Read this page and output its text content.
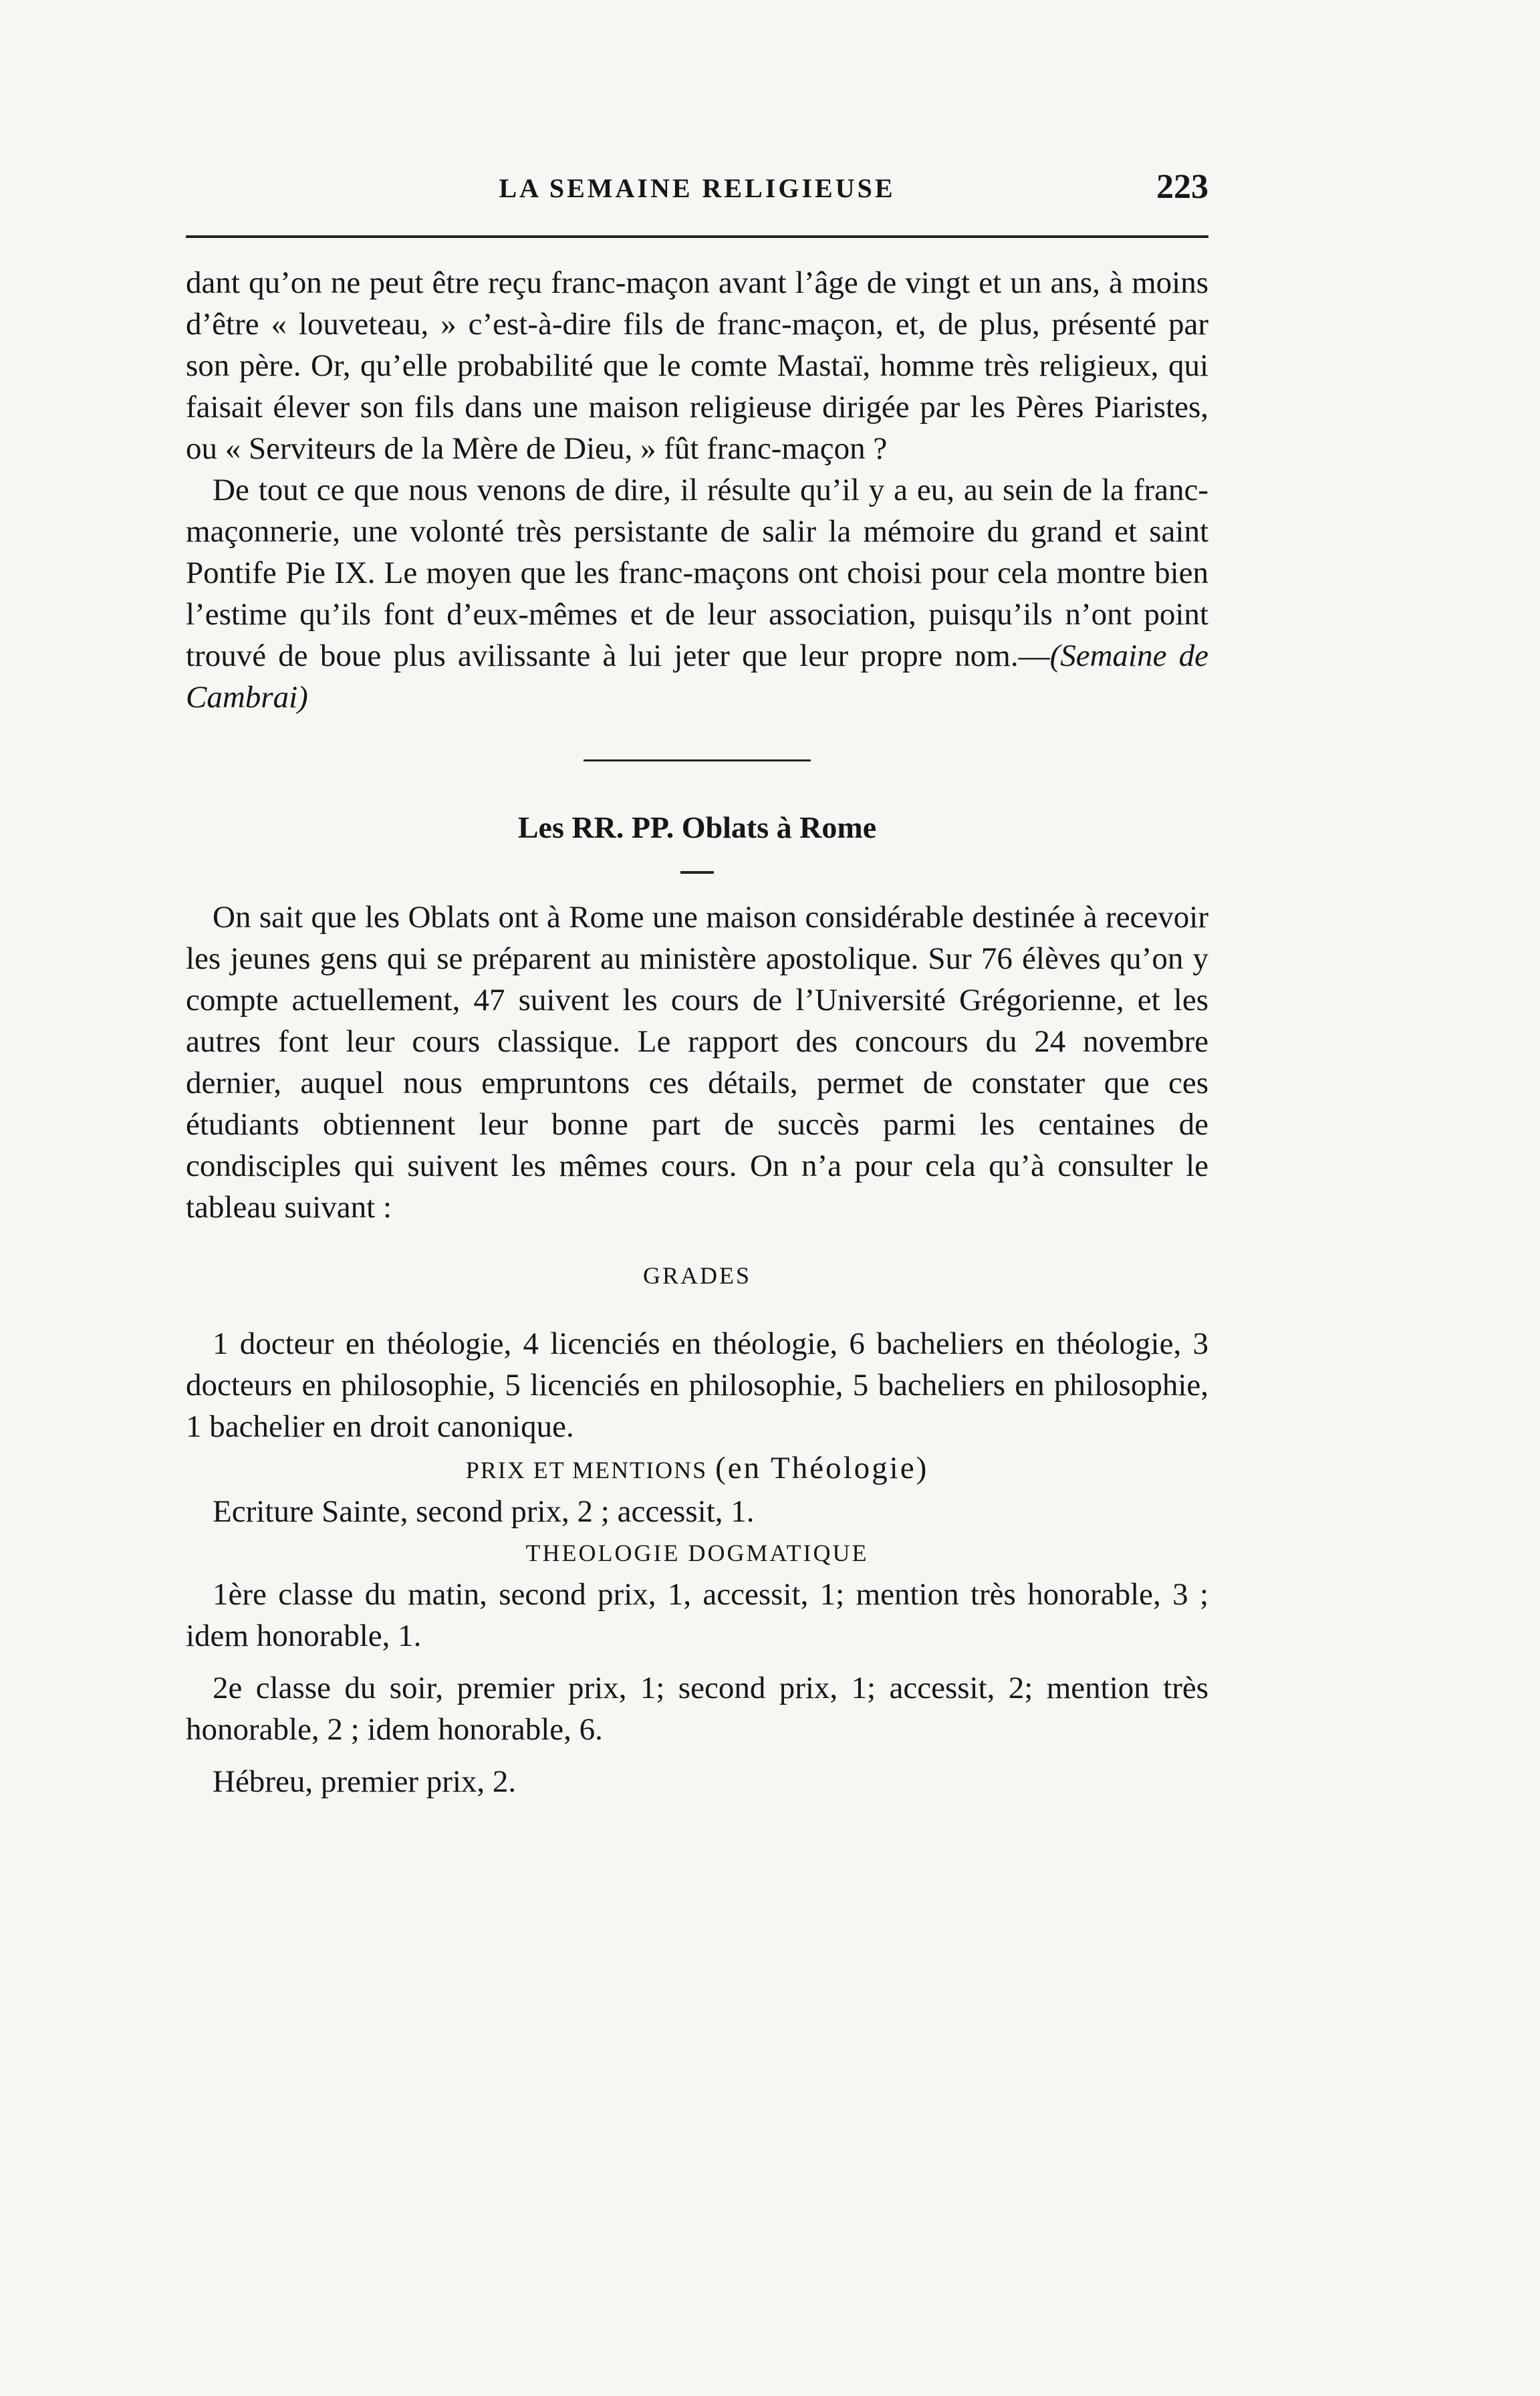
LA SEMAINE RELIGIEUSE	223

dant qu’on ne peut être reçu franc-maçon avant l’âge de vingt et un ans, à moins d’être « louveteau, » c’est-à-dire fils de franc-maçon, et, de plus, présenté par son père. Or, qu’elle probabilité que le comte Mastaï, homme très religieux, qui faisait élever son fils dans une maison religieuse dirigée par les Pères Piaristes, ou « Serviteurs de la Mère de Dieu, » fût franc-maçon ?

De tout ce que nous venons de dire, il résulte qu’il y a eu, au sein de la franc-maçonnerie, une volonté très persistante de salir la mémoire du grand et saint Pontife Pie IX. Le moyen que les franc-maçons ont choisi pour cela montre bien l’estime qu’ils font d’eux-mêmes et de leur association, puisqu’ils n’ont point trouvé de boue plus avilissante à lui jeter que leur propre nom.—(Semaine de Cambrai)

Les RR. PP. Oblats à Rome

On sait que les Oblats ont à Rome une maison considérable destinée à recevoir les jeunes gens qui se préparent au ministère apostolique. Sur 76 élèves qu’on y compte actuellement, 47 suivent les cours de l’Université Grégorienne, et les autres font leur cours classique. Le rapport des concours du 24 novembre dernier, auquel nous empruntons ces détails, permet de constater que ces étudiants obtiennent leur bonne part de succès parmi les centaines de condisciples qui suivent les mêmes cours. On n’a pour cela qu’à consulter le tableau suivant :

GRADES

1 docteur en théologie, 4 licenciés en théologie, 6 bacheliers en théologie, 3 docteurs en philosophie, 5 licenciés en philosophie, 5 bacheliers en philosophie, 1 bachelier en droit canonique.

PRIX ET MENTIONS (en Théologie)

Ecriture Sainte, second prix, 2 ; accessit, 1.

THEOLOGIE DOGMATIQUE

1ère classe du matin, second prix, 1, accessit, 1; mention très honorable, 3 ; idem honorable, 1.

2e classe du soir, premier prix, 1; second prix, 1; accessit, 2; mention très honorable, 2 ; idem honorable, 6.

Hébreu, premier prix, 2.
